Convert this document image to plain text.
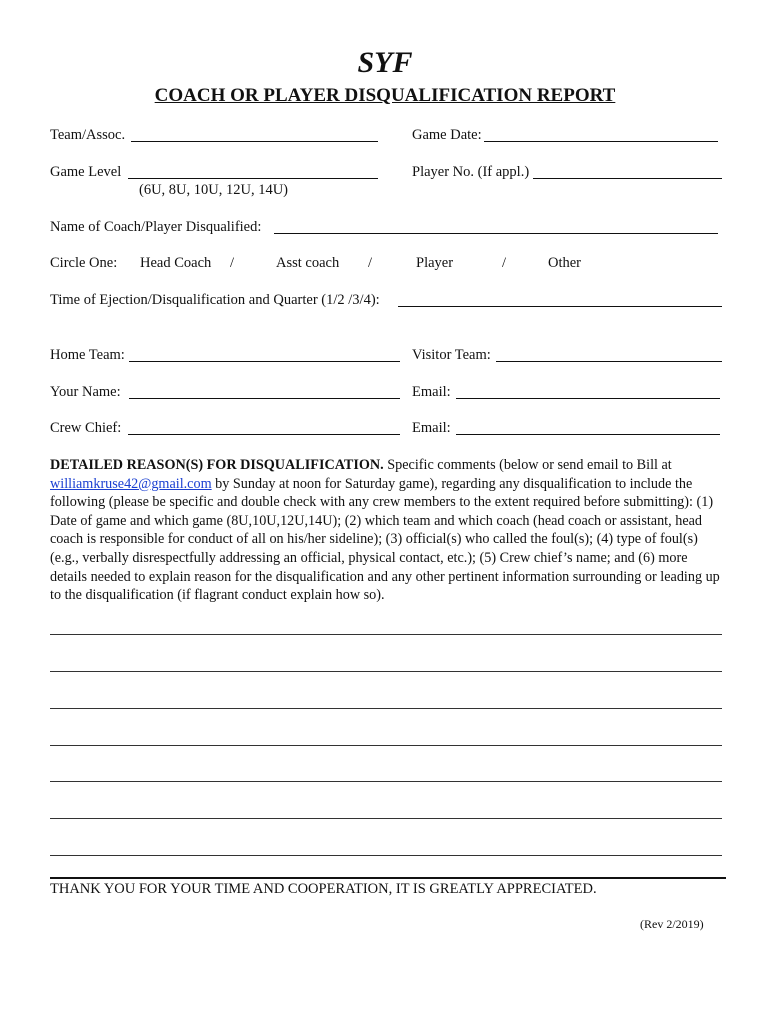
SYF
COACH OR PLAYER DISQUALIFICATION REPORT
Team/Assoc.	Game Date:
Game Level
(6U, 8U, 10U, 12U, 14U)
Player No. (If appl.)
Name of Coach/Player Disqualified:
Circle One: Head Coach /	Asst coach /	Player	/	Other
Time of Ejection/Disqualification and Quarter (1/2 /3/4):
Home Team:	Visitor Team:
Your Name:	Email:
Crew Chief:	Email:
DETAILED REASON(S) FOR DISQUALIFICATION. Specific comments (below or send email to Bill at williamkruse42@gmail.com by Sunday at noon for Saturday game), regarding any disqualification to include the following (please be specific and double check with any crew members to the extent required before submitting): (1) Date of game and which game (8U,10U,12U,14U); (2) which team and which coach (head coach or assistant, head coach is responsible for conduct of all on his/her sideline); (3) official(s) who called the foul(s); (4) type of foul(s) (e.g., verbally disrespectfully addressing an official, physical contact, etc.); (5) Crew chief’s name; and (6) more details needed to explain reason for the disqualification and any other pertinent information surrounding or leading up to the disqualification (if flagrant conduct explain how so).
THANK YOU FOR YOUR TIME AND COOPERATION, IT IS GREATLY APPRECIATED.
(Rev 2/2019)
